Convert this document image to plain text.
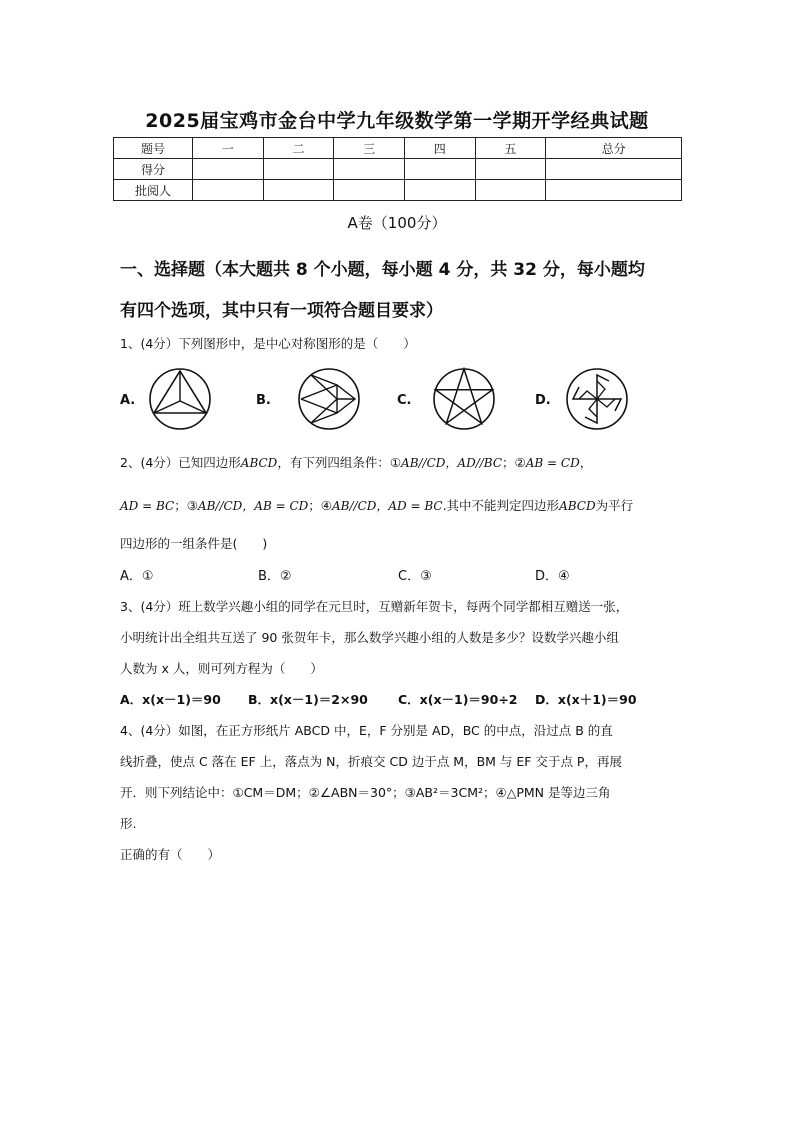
2025届宝鸡市金台中学九年级数学第一学期开学经典试题
题号	一	二	三	四	五	总分
得分						
批阅人						
A卷（100分）
一、选择题（本大题共 8 个小题，每小题 4 分，共 32 分，每小题均
有四个选项，其中只有一项符合题目要求）
1、(4分）下列图形中，是中心对称图形的是（　　）
A.	B.	C.	D.
2、(4分）已知四边形ABCD，有下列四组条件：①AB//CD，AD//BC；②AB = CD，
AD = BC；③AB//CD，AB = CD；④AB//CD，AD = BC.其中不能判定四边形ABCD为平行
四边形的一组条件是(　　)
A．①	B．②	C．③	D．④
3、(4分）班上数学兴趣小组的同学在元旦时，互赠新年贺卡，每两个同学都相互赠送一张，
小明统计出全组共互送了 90 张贺年卡，那么数学兴趣小组的人数是多少？设数学兴趣小组
人数为 x 人，则可列方程为（　　）
A．x(x－1)＝90 B．x(x－1)＝2×90 C．x(x－1)＝90÷2 D．x(x＋1)＝90
4、(4分）如图，在正方形纸片 ABCD 中，E，F 分别是 AD，BC 的中点，沿过点 B 的直
线折叠，使点 C 落在 EF 上，落点为 N，折痕交 CD 边于点 M，BM 与 EF 交于点 P，再展
开．则下列结论中：①CM＝DM；②∠ABN＝30°；③AB²＝3CM²；④△PMN 是等边三角
形.
正确的有（　　）
